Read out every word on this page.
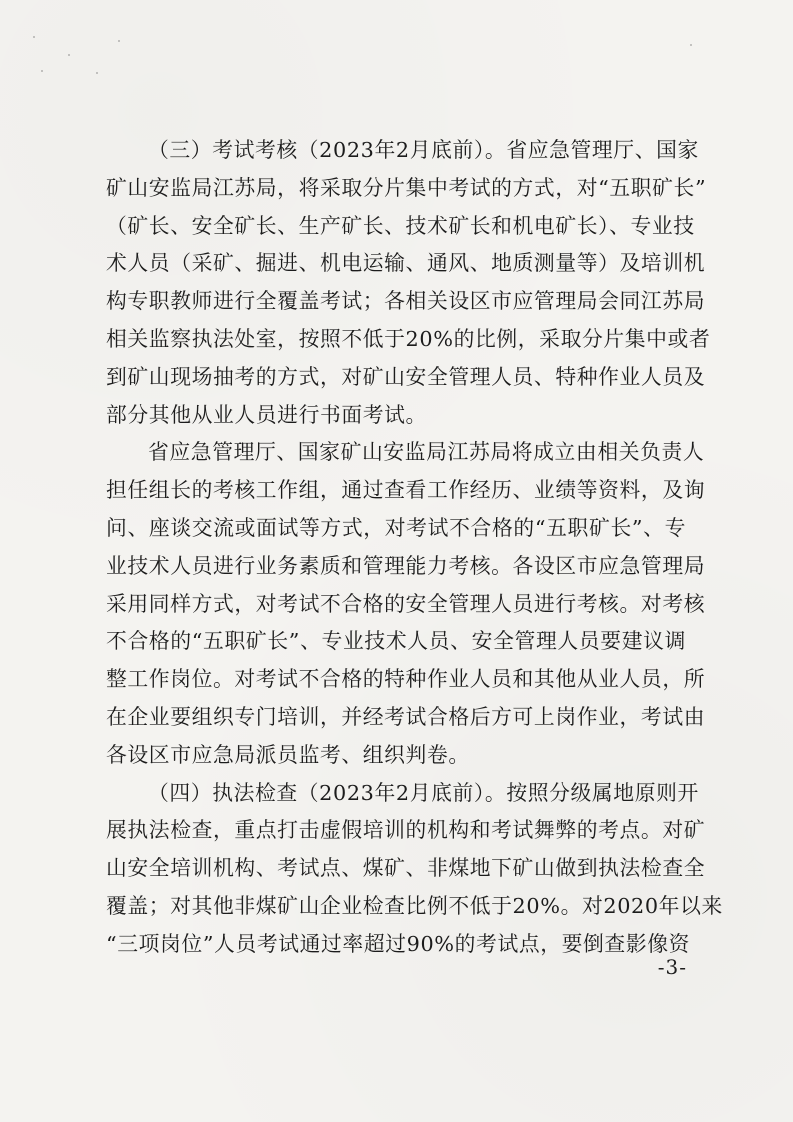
（三）考试考核（2023年2月底前）。省应急管理厅、国家
矿山安监局江苏局，将采取分片集中考试的方式，对“五职矿长”
（矿长、安全矿长、生产矿长、技术矿长和机电矿长）、专业技
术人员（采矿、掘进、机电运输、通风、地质测量等）及培训机
构专职教师进行全覆盖考试；各相关设区市应管理局会同江苏局
相关监察执法处室，按照不低于20%的比例，采取分片集中或者
到矿山现场抽考的方式，对矿山安全管理人员、特种作业人员及
部分其他从业人员进行书面考试。
省应急管理厅、国家矿山安监局江苏局将成立由相关负责人
担任组长的考核工作组，通过查看工作经历、业绩等资料，及询
问、座谈交流或面试等方式，对考试不合格的“五职矿长”、专
业技术人员进行业务素质和管理能力考核。各设区市应急管理局
采用同样方式，对考试不合格的安全管理人员进行考核。对考核
不合格的“五职矿长”、专业技术人员、安全管理人员要建议调
整工作岗位。对考试不合格的特种作业人员和其他从业人员，所
在企业要组织专门培训，并经考试合格后方可上岗作业，考试由
各设区市应急局派员监考、组织判卷。
（四）执法检查（2023年2月底前）。按照分级属地原则开
展执法检查，重点打击虚假培训的机构和考试舞弊的考点。对矿
山安全培训机构、考试点、煤矿、非煤地下矿山做到执法检查全
覆盖；对其他非煤矿山企业检查比例不低于20%。对2020年以来
“三项岗位”人员考试通过率超过90%的考试点，要倒查影像资
-3-
